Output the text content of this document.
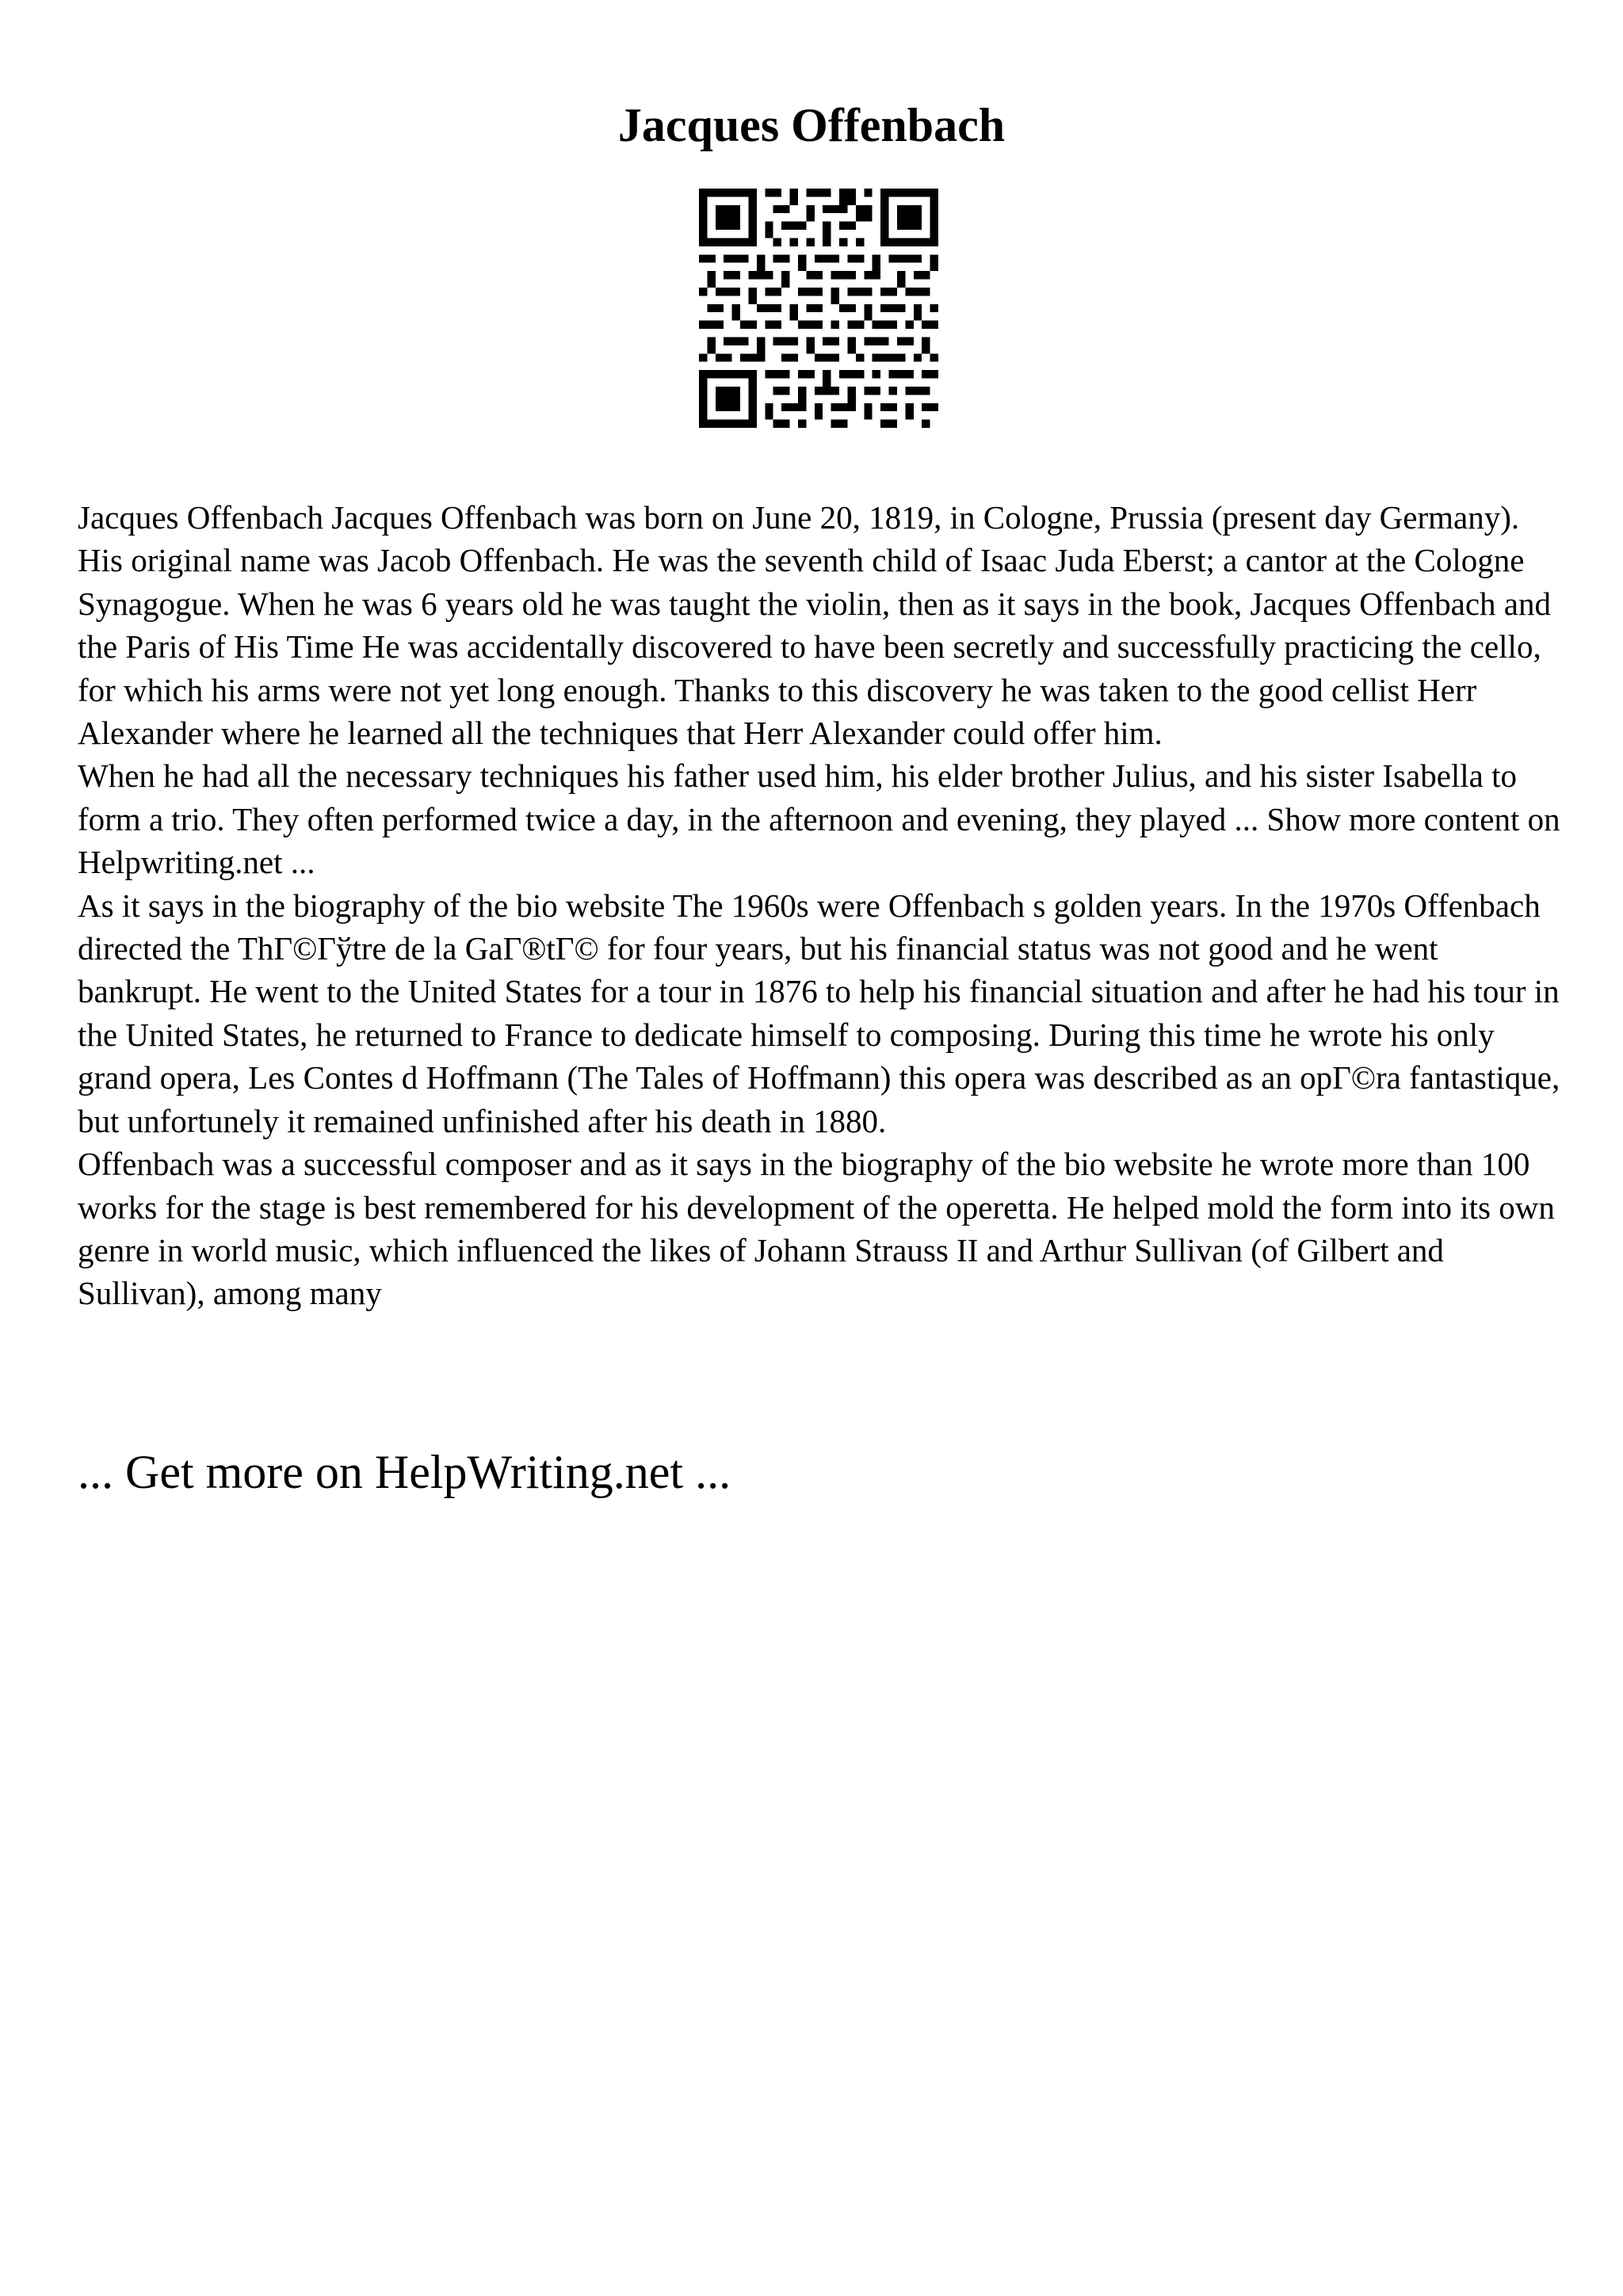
Jacques Offenbach

Jacques Offenbach Jacques Offenbach was born on June 20, 1819, in Cologne, Prussia (present day Germany). His original name was Jacob Offenbach. He was the seventh child of Isaac Juda Eberst; a cantor at the Cologne Synagogue. When he was 6 years old he was taught the violin, then as it says in the book, Jacques Offenbach and the Paris of His Time He was accidentally discovered to have been secretly and successfully practicing the cello, for which his arms were not yet long enough. Thanks to this discovery he was taken to the good cellist Herr Alexander where he learned all the techniques that Herr Alexander could offer him.

When he had all the necessary techniques his father used him, his elder brother Julius, and his sister Isabella to form a trio. They often performed twice a day, in the afternoon and evening, they played ... Show more content on Helpwriting.net ...

As it says in the biography of the bio website The 1960s were Offenbach s golden years. In the 1970s Offenbach directed the ThΓ©Γўtre de la GaΓ®tΓ© for four years, but his financial status was not good and he went bankrupt. He went to the United States for a tour in 1876 to help his financial situation and after he had his tour in the United States, he returned to France to dedicate himself to composing. During this time he wrote his only grand opera, Les Contes d Hoffmann (The Tales of Hoffmann) this opera was described as an opΓ©ra fantastique, but unfortunely it remained unfinished after his death in 1880.

Offenbach was a successful composer and as it says in the biography of the bio website he wrote more than 100 works for the stage is best remembered for his development of the operetta. He helped mold the form into its own genre in world music, which influenced the likes of Johann Strauss II and Arthur Sullivan (of Gilbert and Sullivan), among many

... Get more on HelpWriting.net ...
